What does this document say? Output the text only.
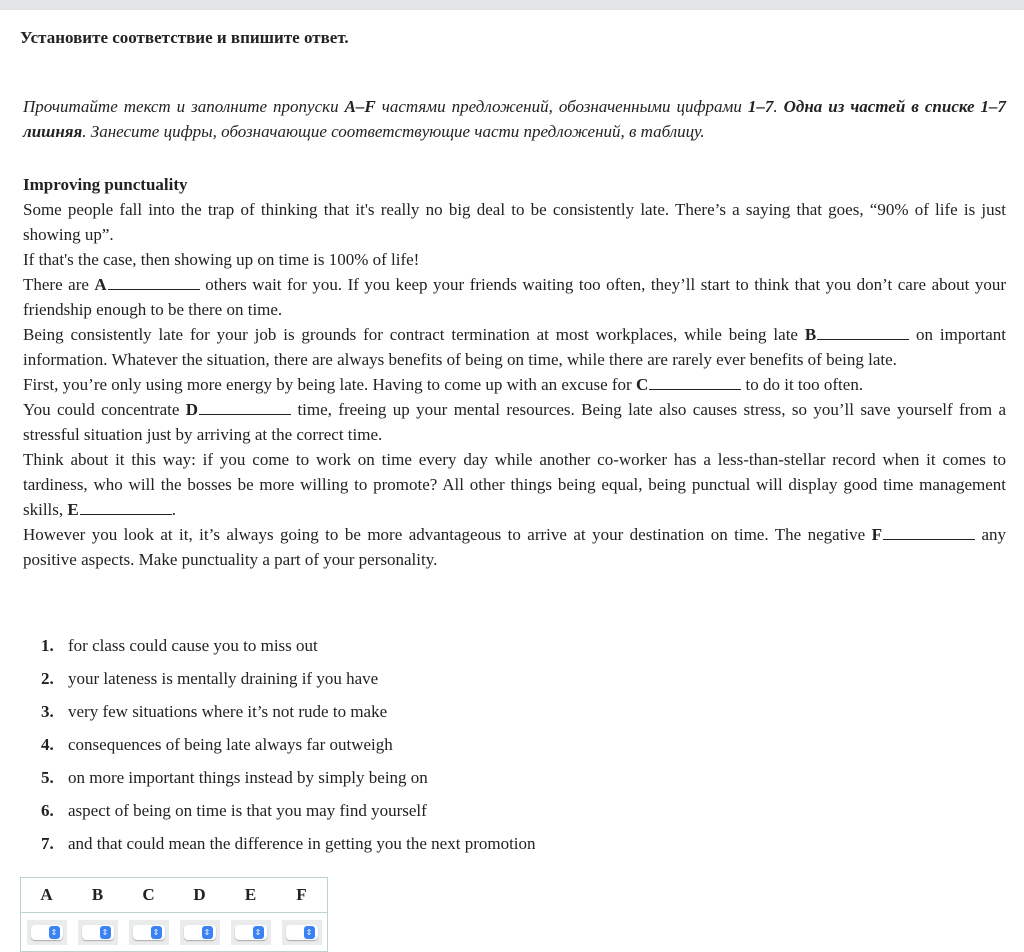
Установите соответствие и впишите ответ.

Прочитайте текст и заполните пропуски A–F частями предложений, обозначенными цифрами 1–7. Одна из частей в списке 1–7 лишняя. Занесите цифры, обозначающие соответствующие части предложений, в таблицу.

Improving punctuality

Some people fall into the trap of thinking that it's really no big deal to be consistently late. There’s a saying that goes, “90% of life is just showing up”.

If that's the case, then showing up on time is 100% of life!

There are A	others wait for you. If you keep your friends waiting too often, they’ll start to think that you don’t care about your friendship enough to be there on time.

Being consistently late for your job is grounds for contract termination at most workplaces, while being late B	on important information. Whatever the situation, there are always benefits of being on time, while there are rarely ever benefits of being late.

First, you’re only using more energy by being late. Having to come up with an excuse for C	to do it too often.

You could concentrate D	time, freeing up your mental resources. Being late also causes stress, so you’ll save yourself from a stressful situation just by arriving at the correct time.

Think about it this way: if you come to work on time every day while another co-worker has a less-than-stellar record when it comes to tardiness, who will the bosses be more willing to promote? All other things being equal, being punctual will display good time management skills, E	.

However you look at it, it’s always going to be more advantageous to arrive at your destination on time. The negative F	any positive aspects. Make punctuality a part of your personality.

1. for class could cause you to miss out
2. your lateness is mentally draining if you have
3. very few situations where it’s not rude to make
4. consequences of being late always far outweigh
5. on more important things instead by simply being on
6. aspect of being on time is that you may find yourself
7. and that could mean the difference in getting you the next promotion
A	B	C	D	E	F

⇕	⇕	⇕	⇕	⇕	⇕
